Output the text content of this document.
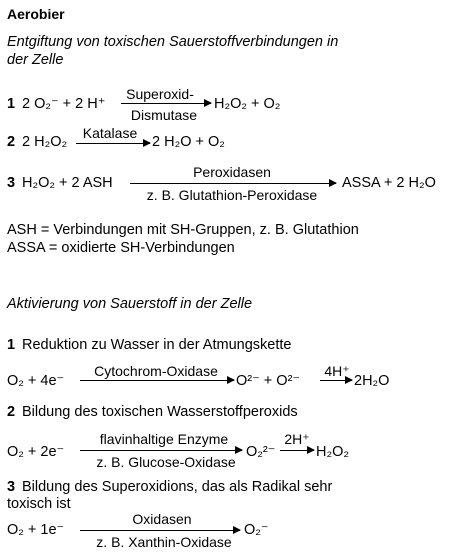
Aerobier
Entgiftung von toxischen Sauerstoffverbindungen in
der Zelle
1 2 O₂⁻ + 2 H⁺
Superoxid-
Dismutase
H₂O₂ + O₂
2 2 H₂O₂
Katalase
2 H₂O + O₂
3 H₂O₂ + 2 ASH
Peroxidasen
z. B. Glutathion-Peroxidase
ASSA + 2 H₂O
ASH = Verbindungen mit SH-Gruppen, z. B. Glutathion
ASSA = oxidierte SH-Verbindungen
Aktivierung von Sauerstoff in der Zelle
1 Reduktion zu Wasser in der Atmungskette
O₂ + 4e⁻
Cytochrom-Oxidase
O²⁻ + O²⁻
4H⁺
→ 2H₂O
2 Bildung des toxischen Wasserstoffperoxids
O₂ + 2e⁻
flavinhaltige Enzyme
z. B. Glucose-Oxidase
O₂²⁻
2H⁺
→ H₂O₂
3 Bildung des Superoxidions, das als Radikal sehr
toxisch ist
O₂ + 1e⁻
Oxidasen
z. B. Xanthin-Oxidase
O₂⁻
